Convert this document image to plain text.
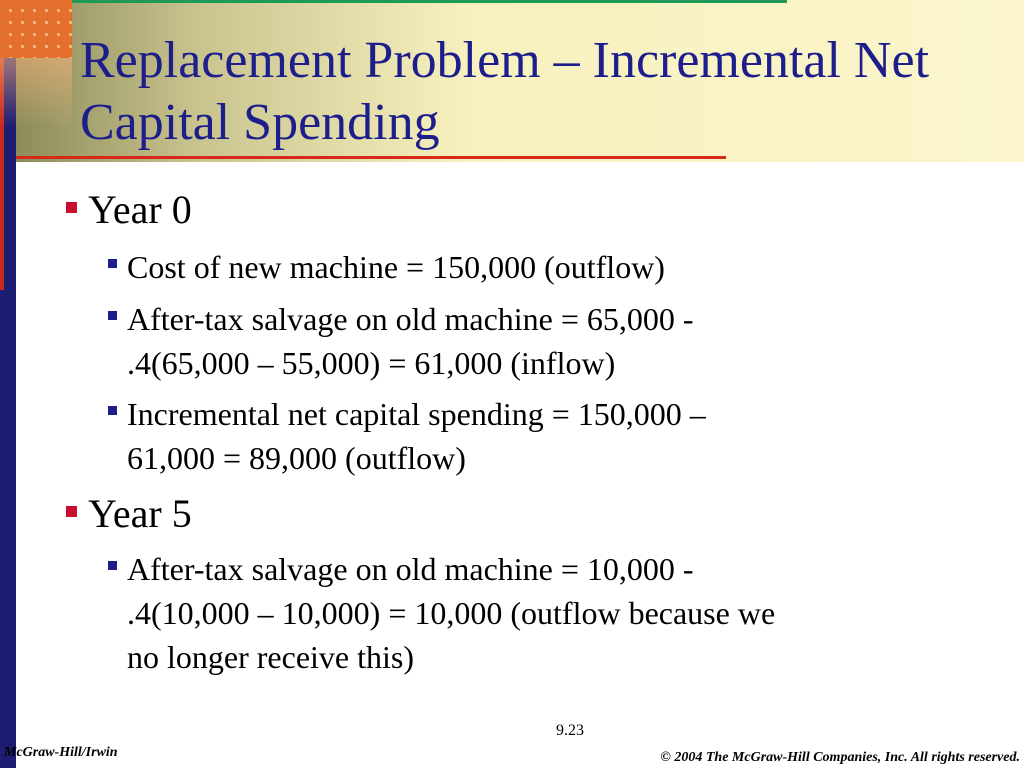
Replacement Problem – Incremental Net Capital Spending
Year 0
Cost of new machine = 150,000 (outflow)
After-tax salvage on old machine = 65,000 -
.4(65,000 – 55,000) = 61,000 (inflow)
Incremental net capital spending = 150,000 –
61,000 = 89,000 (outflow)
Year 5
After-tax salvage on old machine = 10,000 -
.4(10,000 – 10,000) = 10,000 (outflow because we
no longer receive this)
9.23
McGraw-Hill/Irwin	© 2004 The McGraw-Hill Companies, Inc. All rights reserved.
